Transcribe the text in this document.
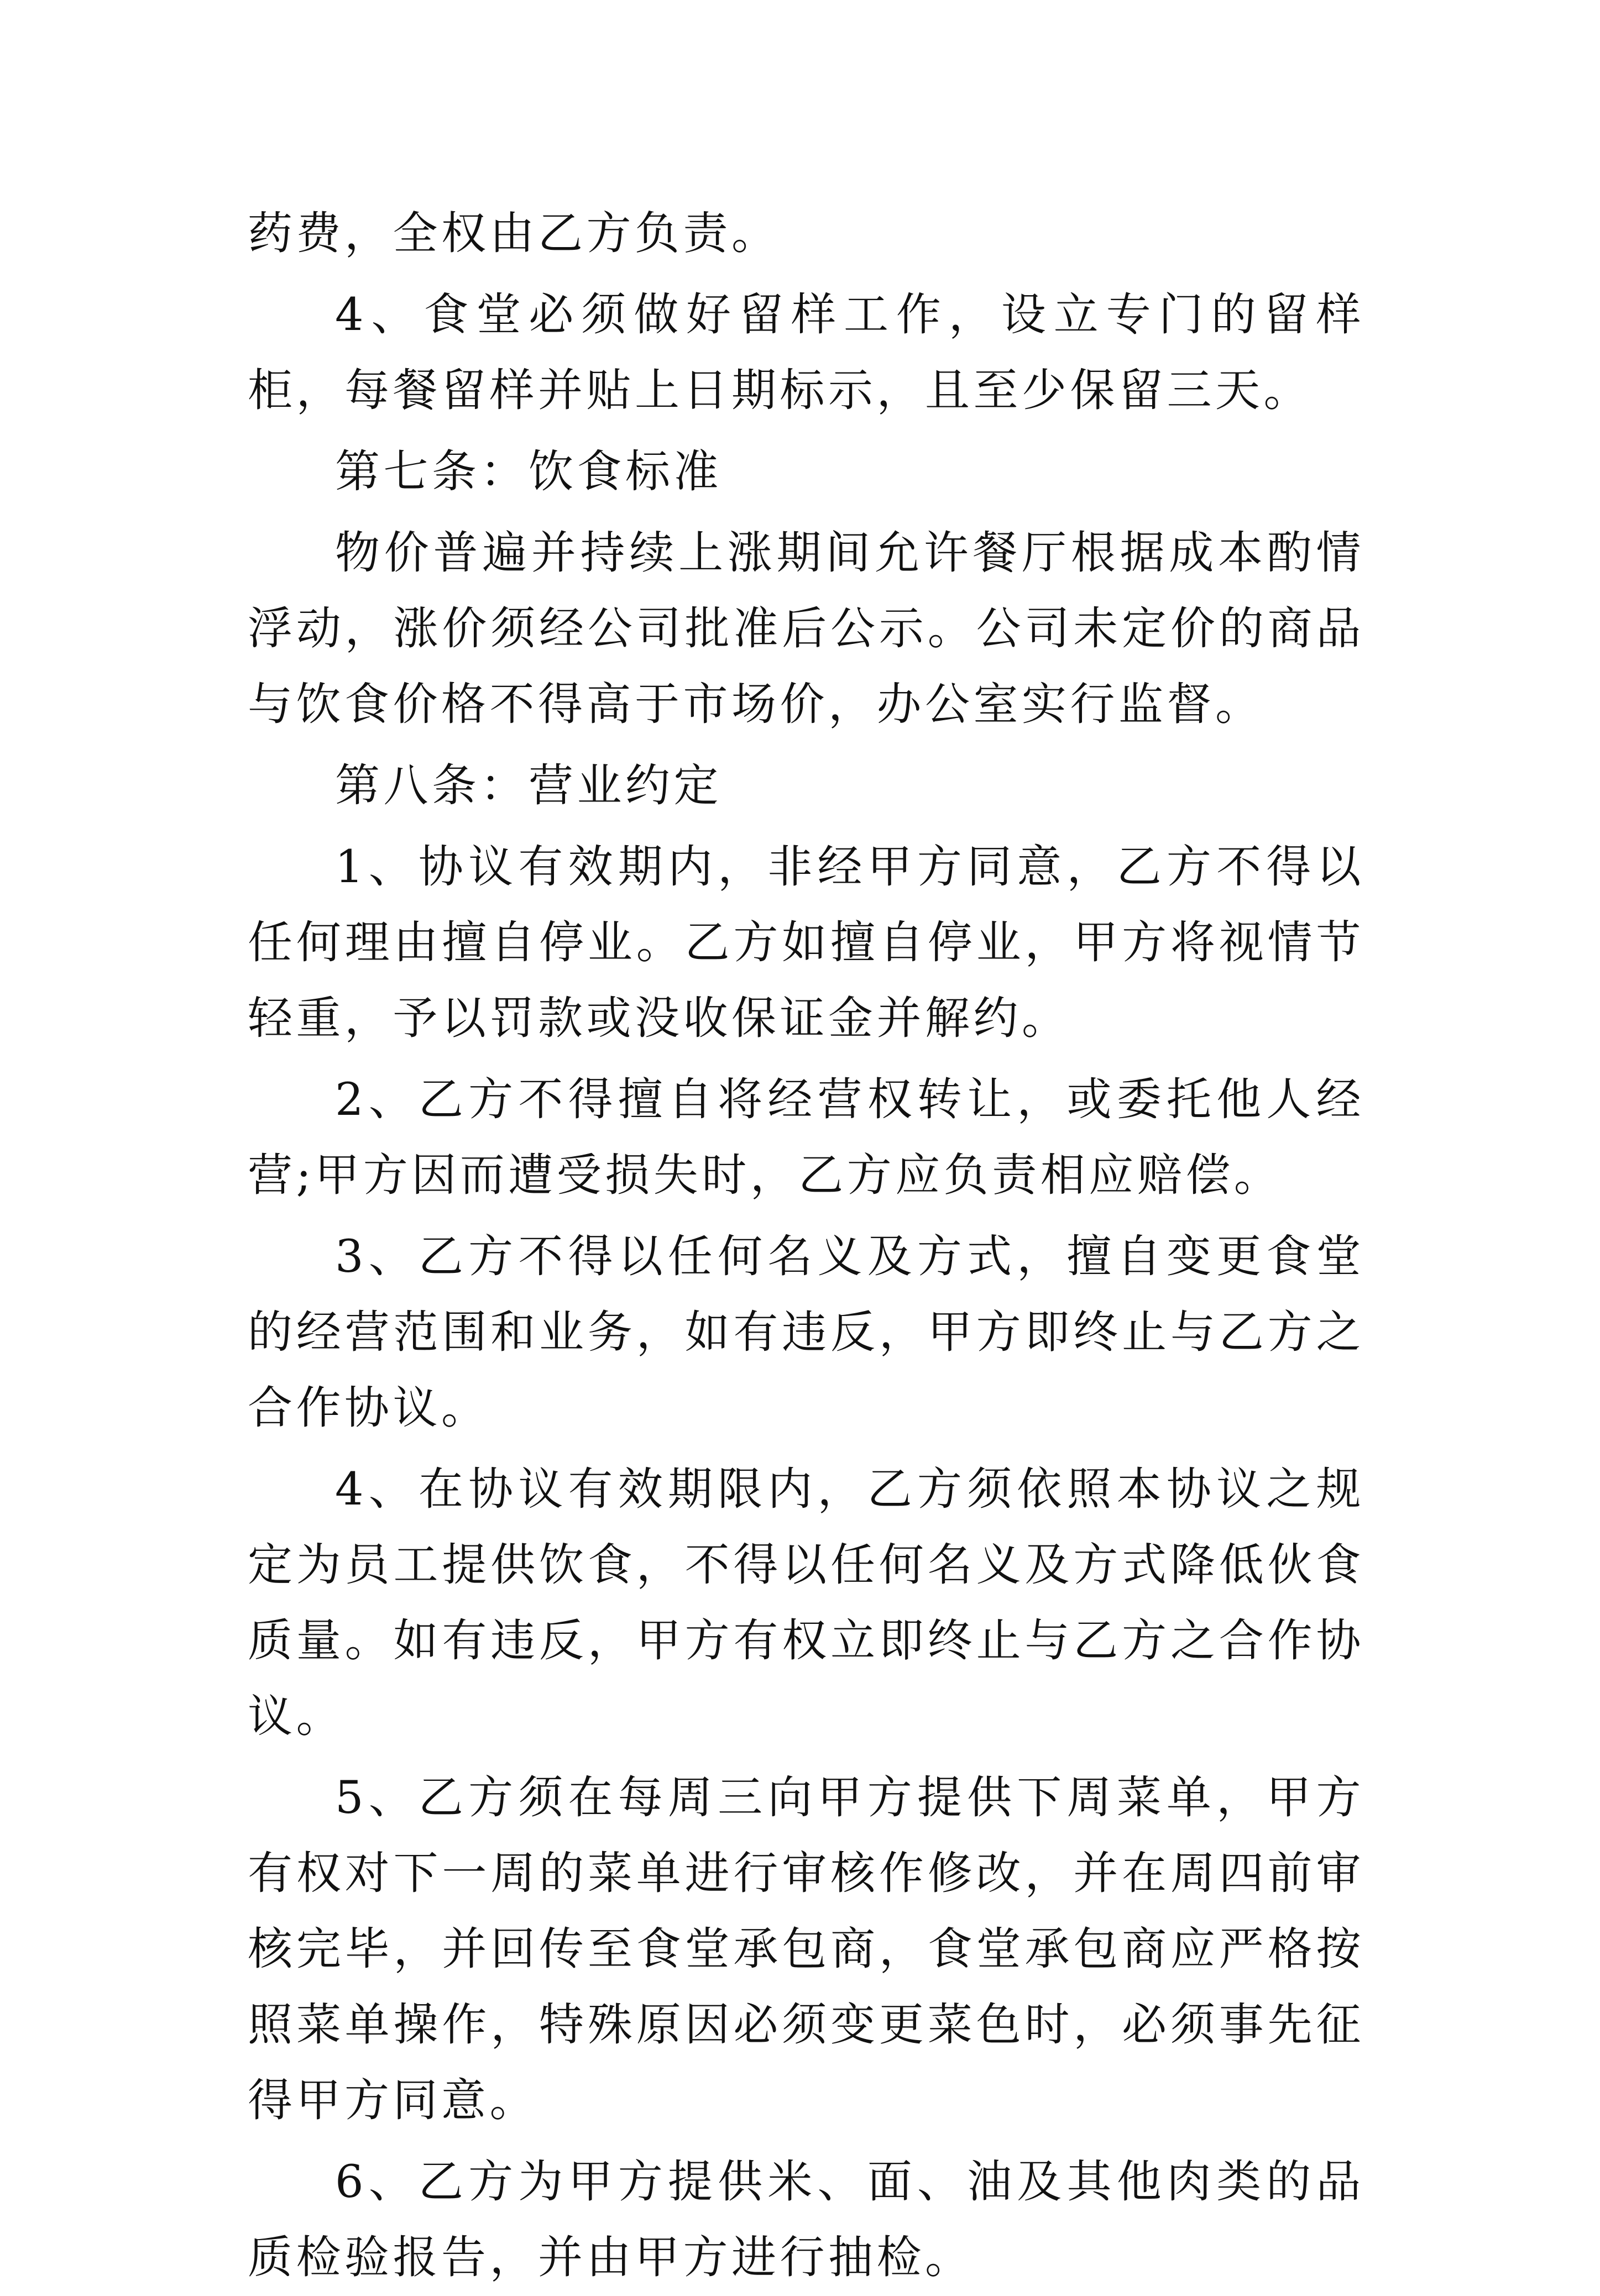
药费，全权由乙方负责。

4、食堂必须做好留样工作，设立专门的留样柜，每餐留样并贴上日期标示，且至少保留三天。

第七条：饮食标准

物价普遍并持续上涨期间允许餐厅根据成本酌情浮动，涨价须经公司批准后公示。公司未定价的商品与饮食价格不得高于市场价，办公室实行监督。

第八条：营业约定

1、协议有效期内，非经甲方同意，乙方不得以任何理由擅自停业。乙方如擅自停业，甲方将视情节轻重，予以罚款或没收保证金并解约。

2、乙方不得擅自将经营权转让，或委托他人经营;甲方因而遭受损失时，乙方应负责相应赔偿。

3、乙方不得以任何名义及方式，擅自变更食堂的经营范围和业务，如有违反，甲方即终止与乙方之合作协议。

4、在协议有效期限内，乙方须依照本协议之规定为员工提供饮食，不得以任何名义及方式降低伙食质量。如有违反，甲方有权立即终止与乙方之合作协议。

5、乙方须在每周三向甲方提供下周菜单，甲方有权对下一周的菜单进行审核作修改，并在周四前审核完毕，并回传至食堂承包商，食堂承包商应严格按照菜单操作，特殊原因必须变更菜色时，必须事先征得甲方同意。

6、乙方为甲方提供米、面、油及其他肉类的品质检验报告，并由甲方进行抽检。
